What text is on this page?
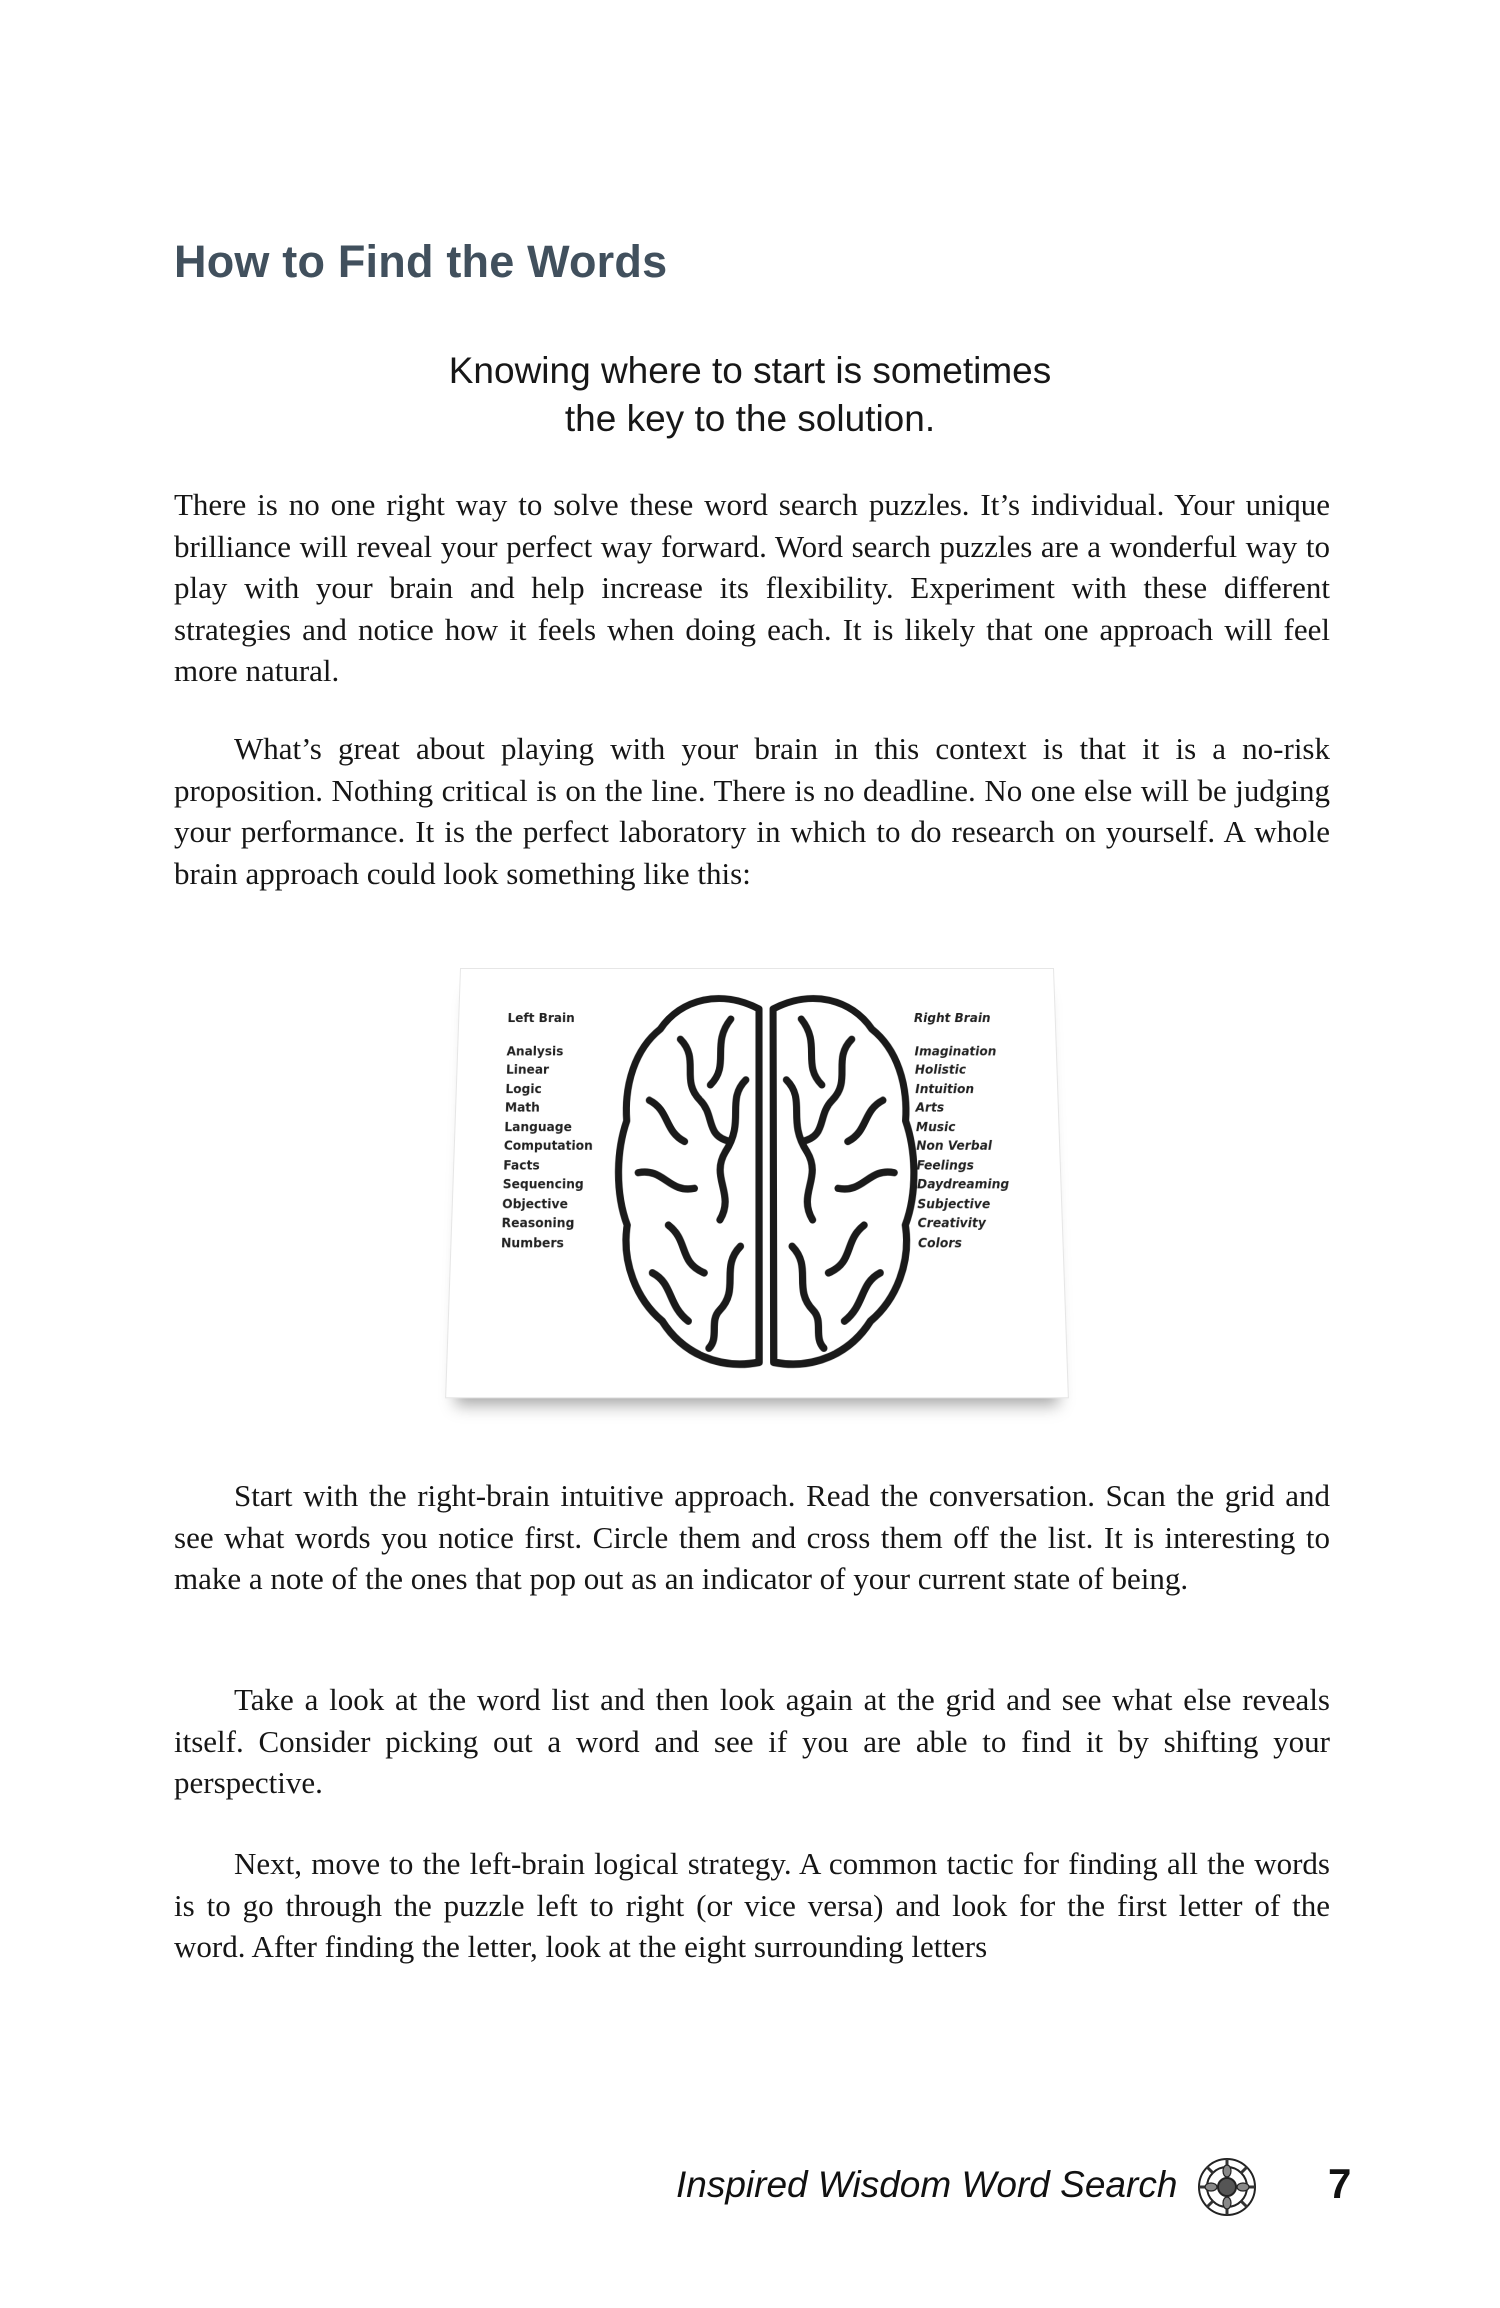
How to Find the Words
Knowing where to start is sometimes
the key to the solution.

There is no one right way to solve these word search puzzles. It’s individual. Your unique brilliance will reveal your perfect way forward. Word search puzzles are a wonderful way to play with your brain and help increase its flexibility. Experiment with these different strategies and notice how it feels when doing each. It is likely that one approach will feel more natural.

What’s great about playing with your brain in this context is that it is a no-risk proposition. Nothing critical is on the line. There is no deadline. No one else will be judging your performance. It is the perfect laboratory in which to do research on yourself. A whole brain approach could look something like this:

Left Brain
Analysis
Linear
Logic
Math
Language
Computation
Facts
Sequencing
Objective
Reasoning
Numbers
Right Brain
Imagination
Holistic
Intuition
Arts
Music
Non Verbal
Feelings
Daydreaming
Subjective
Creativity
Colors

Start with the right-brain intuitive approach. Read the conversation. Scan the grid and see what words you notice first. Circle them and cross them off the list. It is interesting to make a note of the ones that pop out as an indicator of your current state of being.

Take a look at the word list and then look again at the grid and see what else reveals itself. Consider picking out a word and see if you are able to find it by shifting your perspective.

Next, move to the left-brain logical strategy. A common tactic for finding all the words is to go through the puzzle left to right (or vice versa) and look for the first letter of the word. After finding the letter, look at the eight surrounding letters

Inspired Wisdom Word Search	7
